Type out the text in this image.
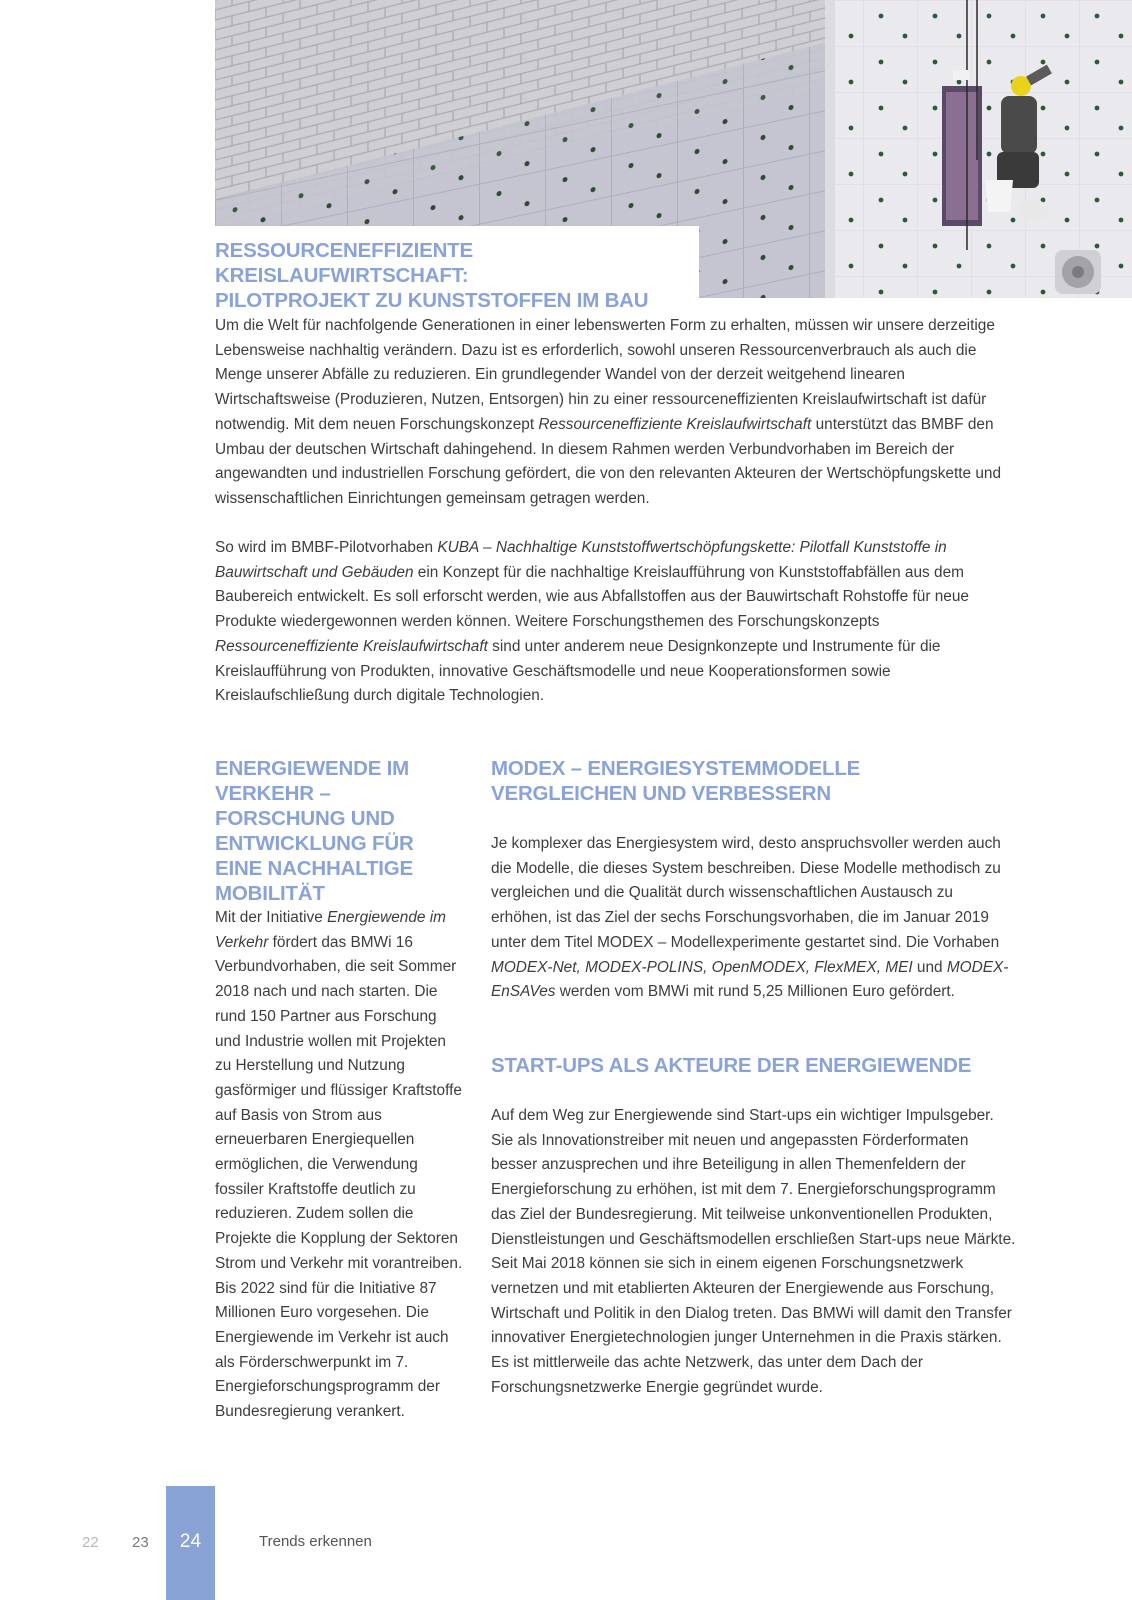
RESSOURCENEFFIZIENTE KREISLAUFWIRTSCHAFT:
PILOTPROJEKT ZU KUNSTSTOFFEN IM BAU

Um die Welt für nachfolgende Generationen in einer lebenswerten Form zu erhalten, müssen wir unsere derzeitige Lebensweise nachhaltig verändern. Dazu ist es erforderlich, sowohl unseren Ressourcenverbrauch als auch die Menge unserer Abfälle zu reduzieren. Ein grundlegender Wandel von der derzeit weitgehend linearen Wirtschaftsweise (Produzieren, Nutzen, Entsorgen) hin zu einer ressourceneffizienten Kreislaufwirtschaft ist dafür notwendig. Mit dem neuen Forschungskonzept Ressourceneffiziente Kreislaufwirtschaft unterstützt das BMBF den Umbau der deutschen Wirtschaft dahingehend. In diesem Rahmen werden Verbundvorhaben im Bereich der angewandten und industriellen Forschung gefördert, die von den relevanten Akteuren der Wertschöpfungskette und wissenschaftlichen Einrichtungen gemeinsam getragen werden.

So wird im BMBF-Pilotvorhaben KUBA – Nachhaltige Kunststoffwertschöpfungskette: Pilotfall Kunststoffe in Bauwirtschaft und Gebäuden ein Konzept für die nachhaltige Kreislaufführung von Kunststoffabfällen aus dem Baubereich entwickelt. Es soll erforscht werden, wie aus Abfallstoffen aus der Bauwirtschaft Rohstoffe für neue Produkte wiedergewonnen werden können. Weitere Forschungsthemen des Forschungskonzepts Ressourceneffiziente Kreislaufwirtschaft sind unter anderem neue Designkonzepte und Instrumente für die Kreislaufführung von Produkten, innovative Geschäftsmodelle und neue Kooperationsformen sowie Kreislaufschließung durch digitale Technologien.

ENERGIEWENDE IM VERKEHR – FORSCHUNG UND ENTWICKLUNG FÜR EINE NACHHALTIGE MOBILITÄT

Mit der Initiative Energiewende im Verkehr fördert das BMWi 16 Verbundvorhaben, die seit Sommer 2018 nach und nach starten. Die rund 150 Partner aus Forschung und Industrie wollen mit Projekten zu Herstellung und Nutzung gasförmiger und flüssiger Kraftstoffe auf Basis von Strom aus erneuerbaren Energiequellen ermöglichen, die Verwendung fossiler Kraftstoffe deutlich zu reduzieren. Zudem sollen die Projekte die Kopplung der Sektoren Strom und Verkehr mit vorantreiben. Bis 2022 sind für die Initiative 87 Millionen Euro vorgesehen. Die Energiewende im Verkehr ist auch als Förderschwerpunkt im 7. Energieforschungsprogramm der Bundesregierung verankert.

MODEX – ENERGIESYSTEMMODELLE VERGLEICHEN UND VERBESSERN

Je komplexer das Energiesystem wird, desto anspruchsvoller werden auch die Modelle, die dieses System beschreiben. Diese Modelle methodisch zu vergleichen und die Qualität durch wissenschaftlichen Austausch zu erhöhen, ist das Ziel der sechs Forschungsvorhaben, die im Januar 2019 unter dem Titel MODEX – Modellexperimente gestartet sind. Die Vorhaben MODEX-Net, MODEX-POLINS, OpenMODEX, FlexMEX, MEI und MODEX-EnSAVes werden vom BMWi mit rund 5,25 Millionen Euro gefördert.

START-UPS ALS AKTEURE DER ENERGIEWENDE

Auf dem Weg zur Energiewende sind Start-ups ein wichtiger Impulsgeber. Sie als Innovationstreiber mit neuen und angepassten Förderformaten besser anzusprechen und ihre Beteiligung in allen Themenfeldern der Energieforschung zu erhöhen, ist mit dem 7. Energieforschungsprogramm das Ziel der Bundesregierung. Mit teilweise unkonventionellen Produkten, Dienstleistungen und Geschäftsmodellen erschließen Start-ups neue Märkte. Seit Mai 2018 können sie sich in einem eigenen Forschungsnetzwerk vernetzen und mit etablierten Akteuren der Energiewende aus Forschung, Wirtschaft und Politik in den Dialog treten. Das BMWi will damit den Transfer innovativer Energietechnologien junger Unternehmen in die Praxis stärken. Es ist mittlerweile das achte Netzwerk, das unter dem Dach der Forschungsnetzwerke Energie gegründet wurde.

22 23	24	Trends erkennen
